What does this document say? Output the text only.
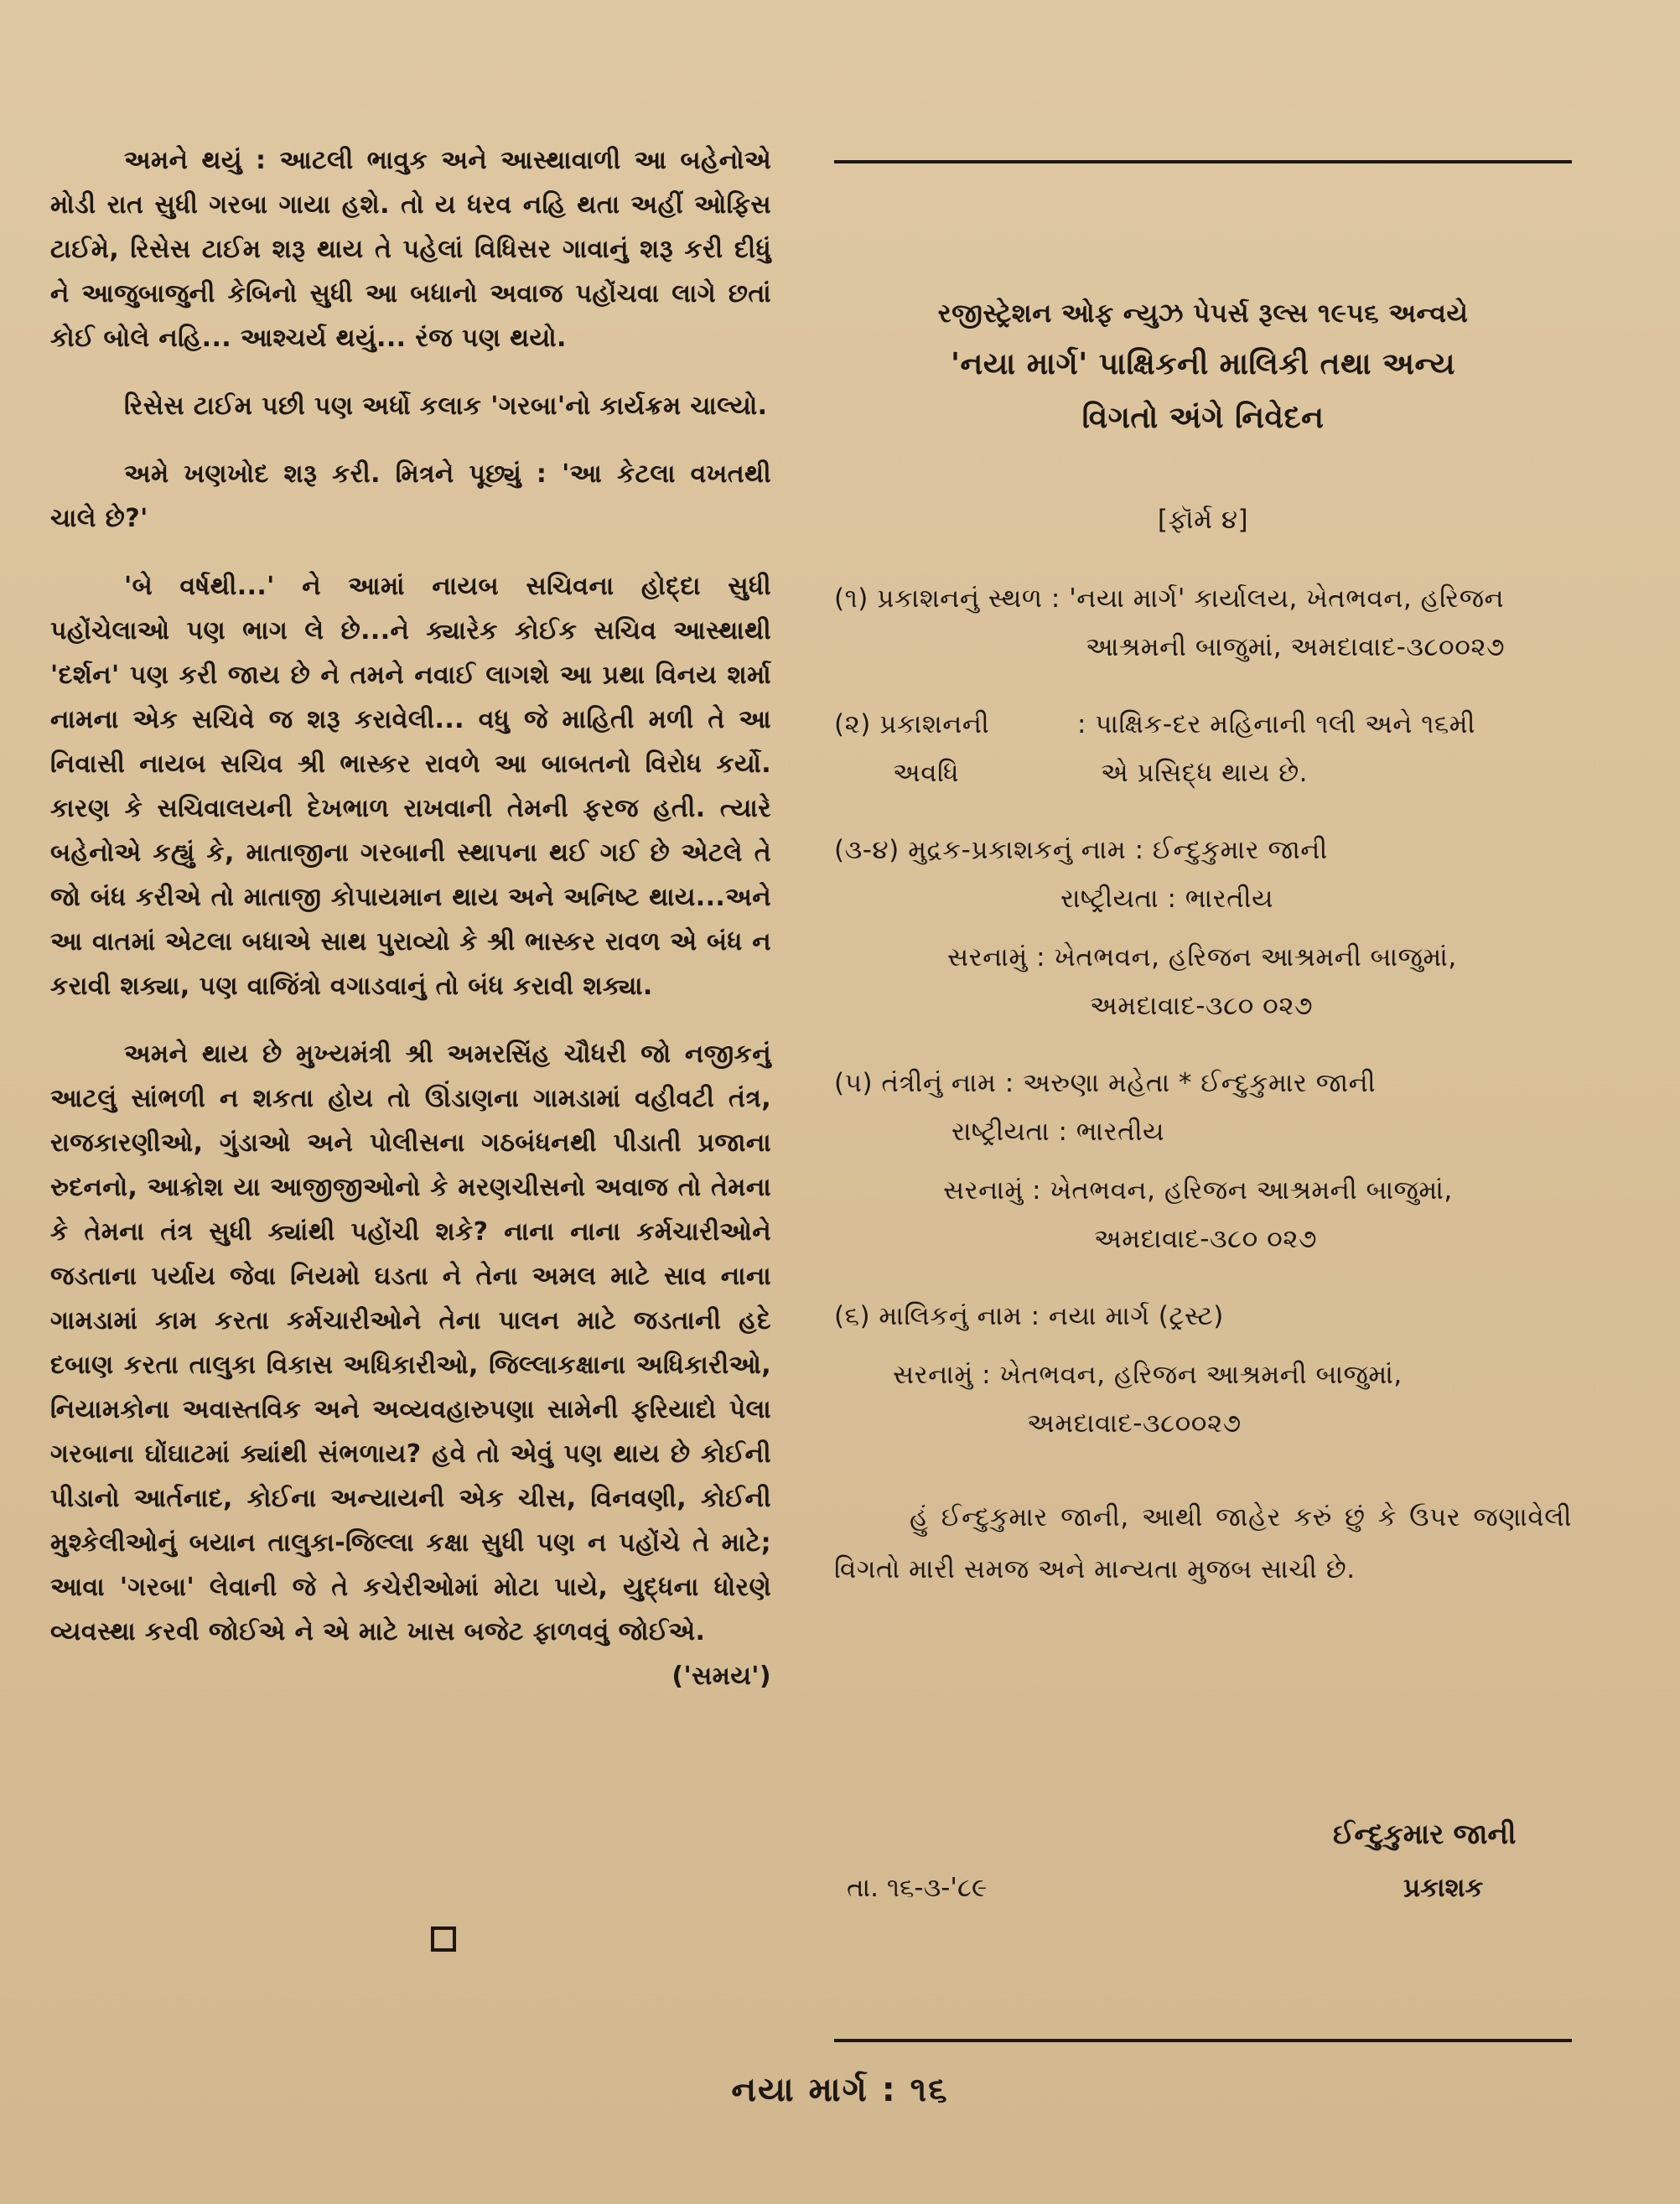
અમને થયું : આટલી ભાવુક અને આસ્થાવાળી આ બહેનોએ મોડી રાત સુધી ગરબા ગાયા હશે. તો ય ધરવ નહિ થતા અહીં ઓફિસ ટાઈમે, રિસેસ ટાઈમ શરૂ થાય તે પહેલાં વિધિસર ગાવાનું શરૂ કરી દીધું ને આજુબાજુની કેબિનો સુધી આ બધાનો અવાજ પહોંચવા લાગે છતાં કોઈ બોલે નહિ... આશ્ચર્ય થયું... રંજ પણ થયો.

રિસેસ ટાઈમ પછી પણ અર્ધો કલાક 'ગરબા'નો કાર્યક્રમ ચાલ્યો.

અમે ખણખોદ શરૂ કરી. મિત્રને પૂછ્યું : 'આ કેટલા વખતથી ચાલે છે?'

'બે વર્ષથી...' ને આમાં નાયબ સચિવના હોદ્દા સુધી પહોંચેલાઓ પણ ભાગ લે છે...ને ક્યારેક કોઈક સચિવ આસ્થાથી 'દર્શન' પણ કરી જાય છે ને તમને નવાઈ લાગશે આ પ્રથા વિનય શર્મા નામના એક સચિવે જ શરૂ કરાવેલી... વધુ જે માહિતી મળી તે આ નિવાસી નાયબ સચિવ શ્રી ભાસ્કર રાવળે આ બાબતનો વિરોધ કર્યો. કારણ કે સચિવાલયની દેખભાળ રાખવાની તેમની ફરજ હતી. ત્યારે બહેનોએ કહ્યું કે, માતાજીના ગરબાની સ્થાપના થઈ ગઈ છે એટલે તે જો બંધ કરીએ તો માતાજી કોપાયમાન થાય અને અનિષ્ટ થાય...અને આ વાતમાં એટલા બધાએ સાથ પુરાવ્યો કે શ્રી ભાસ્કર રાવળ એ બંધ ન કરાવી શક્યા, પણ વાજિંત્રો વગાડવાનું તો બંધ કરાવી શક્યા.

અમને થાય છે મુખ્યમંત્રી શ્રી અમરસિંહ ચૌધરી જો નજીકનું આટલું સાંભળી ન શકતા હોય તો ઊંડાણના ગામડામાં વહીવટી તંત્ર, રાજકારણીઓ, ગુંડાઓ અને પોલીસના ગઠબંધનથી પીડાતી પ્રજાના રુદનનો, આક્રોશ યા આજીજીઓનો કે મરણચીસનો અવાજ તો તેમના કે તેમના તંત્ર સુધી ક્યાંથી પહોંચી શકે? નાના નાના કર્મચારીઓને જડતાના પર્યાય જેવા નિયમો ઘડતા ને તેના અમલ માટે સાવ નાના ગામડામાં કામ કરતા કર્મચારીઓને તેના પાલન માટે જડતાની હદે દબાણ કરતા તાલુકા વિકાસ અધિકારીઓ, જિલ્લાકક્ષાના અધિકારીઓ, નિયામકોના અવાસ્તવિક અને અવ્યવહારુપણા સામેની ફરિયાદો પેલા ગરબાના ઘોંઘાટમાં ક્યાંથી સંભળાય? હવે તો એવું પણ થાય છે કોઈની પીડાનો આર્તનાદ, કોઈના અન્યાયની એક ચીસ, વિનવણી, કોઈની મુશ્કેલીઓનું બયાન તાલુકા-જિલ્લા કક્ષા સુધી પણ ન પહોંચે તે માટે; આવા 'ગરબા' લેવાની જે તે કચેરીઓમાં મોટા પાયે, યુદ્ધના ધોરણે વ્યવસ્થા કરવી જોઈએ ને એ માટે ખાસ બજેટ ફાળવવું જોઈએ.
('સમય')

રજીસ્ટ્રેશન ઓફ ન્યુઝ પેપર્સ રૂલ્સ ૧૯૫૬ અન્વયે
'નયા માર્ગ' પાક્ષિકની માલિકી તથા અન્ય
વિગતો અંગે નિવેદન
[ફૉર્મ ૪]
(૧) પ્રકાશનનું સ્થળ : 'નયા માર્ગ' કાર્યાલય, ખેતભવન, હરિજન
આશ્રમની બાજુમાં, અમદાવાદ-૩૮૦૦૨૭
(૨) પ્રકાશનની	: પાક્ષિક-દર મહિનાની ૧લી અને ૧૬મી
અવધિ	એ પ્રસિદ્ધ થાય છે.
(૩-૪) મુદ્રક-પ્રકાશકનું નામ : ઈન્દુકુમાર જાની
રાષ્ટ્રીયતા : ભારતીય
સરનામું : ખેતભવન, હરિજન આશ્રમની બાજુમાં,
અમદાવાદ-૩૮૦ ૦૨૭
(૫) તંત્રીનું નામ : અરુણા મહેતા * ઈન્દુકુમાર જાની
રાષ્ટ્રીયતા : ભારતીય
સરનામું : ખેતભવન, હરિજન આશ્રમની બાજુમાં,
અમદાવાદ-૩૮૦ ૦૨૭
(૬) માલિકનું નામ : નયા માર્ગ (ટ્રસ્ટ)
સરનામું : ખેતભવન, હરિજન આશ્રમની બાજુમાં,
અમદાવાદ-૩૮૦૦૨૭
હું ઈન્દુકુમાર જાની, આથી જાહેર કરું છું કે ઉપર જણાવેલી વિગતો મારી સમજ અને માન્યતા મુજબ સાચી છે.
ઈન્દુકુમાર જાની
તા. ૧૬-૩-'૮૯	પ્રકાશક
નયા માર્ગ : ૧૬
